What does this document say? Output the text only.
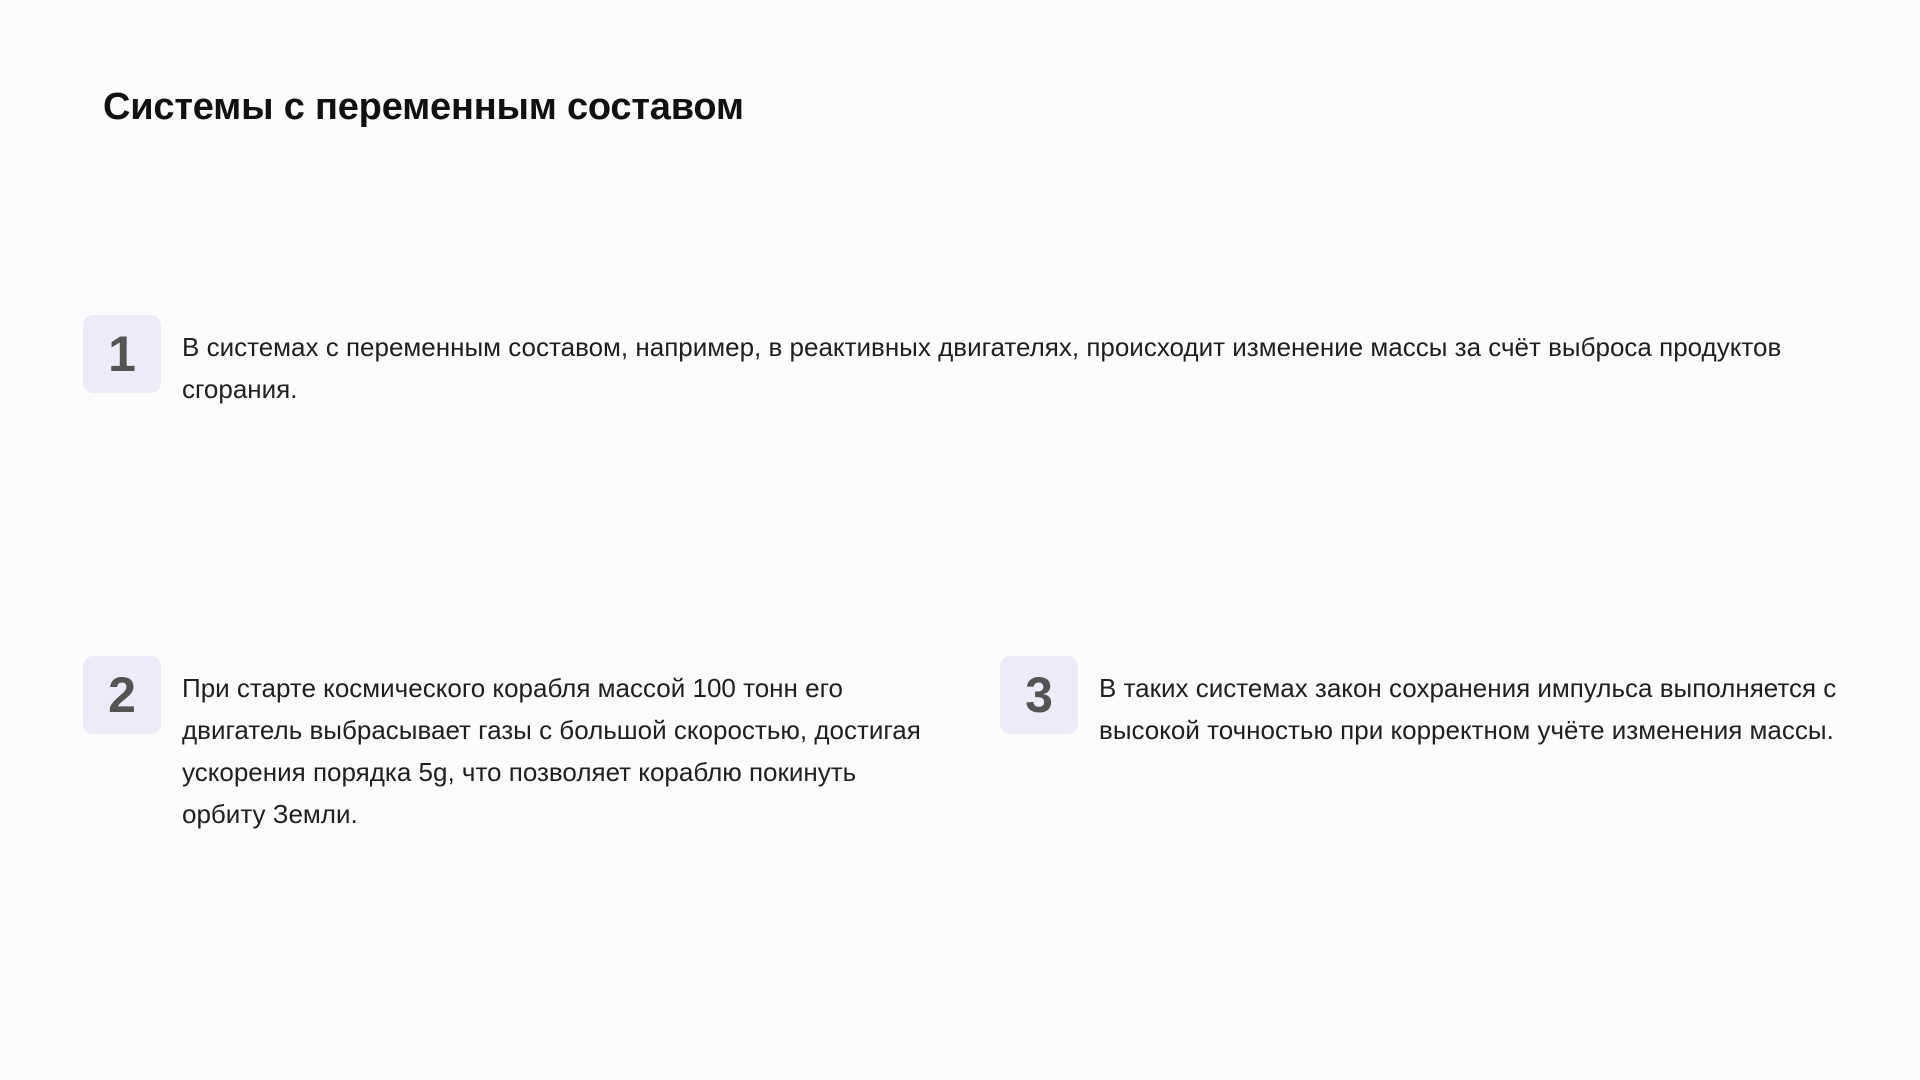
Системы с переменным составом
1	В системах с переменным составом, например, в реактивных двигателях, происходит изменение массы за счёт выброса продуктов сгорания.
2	При старте космического корабля массой 100 тонн его двигатель выбрасывает газы с большой скоростью, достигая ускорения порядка 5g, что позволяет кораблю покинуть орбиту Земли.
3	В таких системах закон сохранения импульса выполняется с высокой точностью при корректном учёте изменения массы.
